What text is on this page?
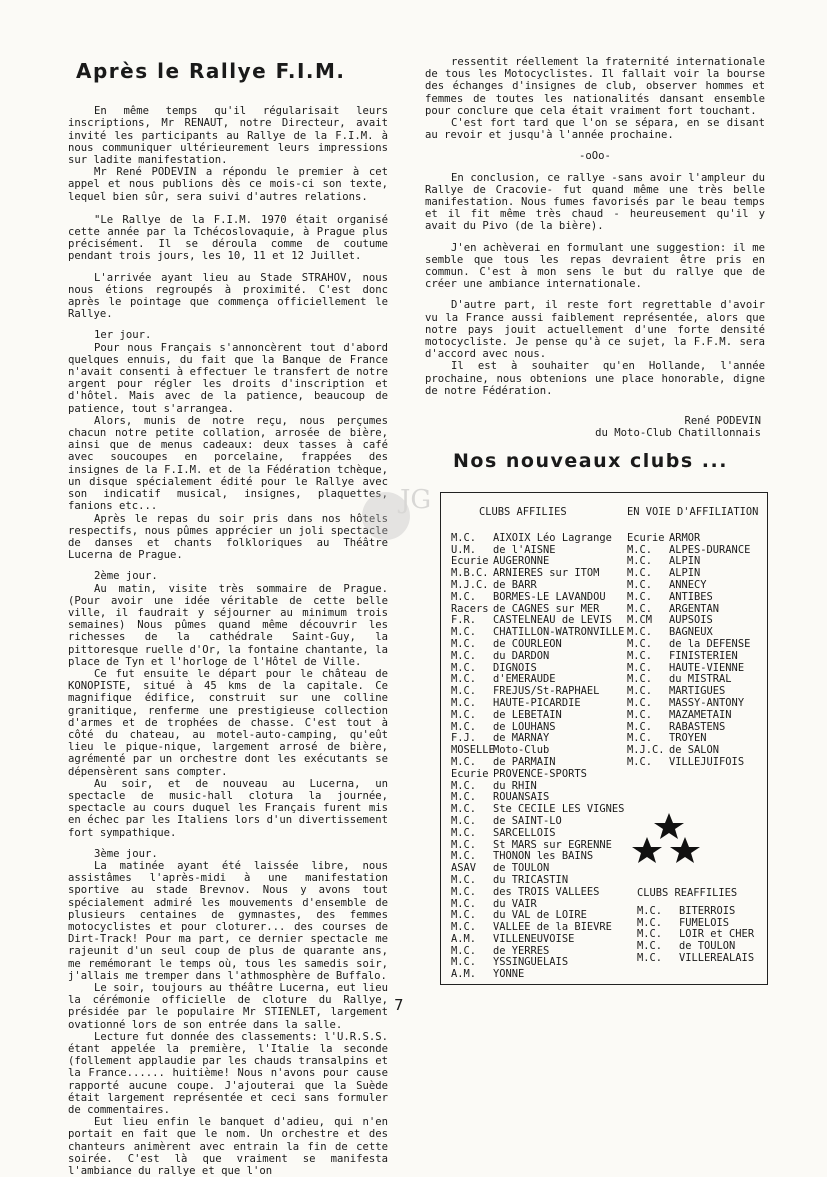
Après le Rallye F.I.M.

En même temps qu'il régularisait leurs inscriptions, Mr RENAUT, notre Directeur, avait invité les participants au Rallye de la F.I.M. à nous communiquer ultérieurement leurs impressions sur ladite manifestation.

Mr René PODEVIN a répondu le premier à cet appel et nous publions dès ce mois-ci son texte, lequel bien sûr, sera suivi d'autres relations.

"Le Rallye de la F.I.M. 1970 était organisé cette année par la Tchécoslovaquie, à Prague plus précisément. Il se déroula comme de coutume pendant trois jours, les 10, 11 et 12 Juillet.

L'arrivée ayant lieu au Stade STRAHOV, nous nous étions regroupés à proximité. C'est donc après le pointage que commença officiellement le Rallye.

1er jour.

Pour nous Français s'annoncèrent tout d'abord quelques ennuis, du fait que la Banque de France n'avait consenti à effectuer le transfert de notre argent pour régler les droits d'inscription et d'hôtel. Mais avec de la patience, beaucoup de patience, tout s'arrangea.

Alors, munis de notre reçu, nous perçumes chacun notre petite collation, arrosée de bière, ainsi que de menus cadeaux: deux tasses à café avec soucoupes en porcelaine, frappées des insignes de la F.I.M. et de la Fédération tchèque, un disque spécialement édité pour le Rallye avec son indicatif musical, insignes, plaquettes, fanions etc...

Après le repas du soir pris dans nos hôtels respectifs, nous pûmes apprécier un joli spectacle de danses et chants folkloriques au Théâtre Lucerna de Prague.

2ème jour.

Au matin, visite très sommaire de Prague. (Pour avoir une idée véritable de cette belle ville, il faudrait y séjourner au minimum trois semaines) Nous pûmes quand même découvrir les richesses de la cathédrale Saint-Guy, la pittoresque ruelle d'Or, la fontaine chantante, la place de Tyn et l'horloge de l'Hôtel de Ville.

Ce fut ensuite le départ pour le château de KONOPISTE, situé à 45 kms de la capitale. Ce magnifique édifice, construit sur une colline granitique, renferme une prestigieuse collection d'armes et de trophées de chasse. C'est tout à côté du chateau, au motel-auto-camping, qu'eût lieu le pique-nique, largement arrosé de bière, agrémenté par un orchestre dont les exécutants se dépensèrent sans compter.

Au soir, et de nouveau au Lucerna, un spectacle de music-hall clotura la journée, spectacle au cours duquel les Français furent mis en échec par les Italiens lors d'un divertissement fort sympathique.

3ème jour.

La matinée ayant été laissée libre, nous assistâmes l'après-midi à une manifestation sportive au stade Brevnov. Nous y avons tout spécialement admiré les mouvements d'ensemble de plusieurs centaines de gymnastes, des femmes motocyclistes et pour cloturer... des courses de Dirt-Track! Pour ma part, ce dernier spectacle me rajeunit d'un seul coup de plus de quarante ans, me remémorant le temps où, tous les samedis soir, j'allais me tremper dans l'athmosphère de Buffalo.

Le soir, toujours au théâtre Lucerna, eut lieu la cérémonie officielle de cloture du Rallye, présidée par le populaire Mr STIENLET, largement ovationné lors de son entrée dans la salle.

Lecture fut donnée des classements: l'U.R.S.S. étant appelée la première, l'Italie la seconde (follement applaudie par les chauds transalpins et la France...... huitième! Nous n'avons pour cause rapporté aucune coupe. J'ajouterai que la Suède était largement représentée et ceci sans formuler de commentaires.

Eut lieu enfin le banquet d'adieu, qui n'en portait en fait que le nom. Un orchestre et des chanteurs animèrent avec entrain la fin de cette soirée. C'est là que vraiment se manifesta l'ambiance du rallye et que l'on

ressentit réellement la fraternité internationale de tous les Motocyclistes. Il fallait voir la bourse des échanges d'insignes de club, observer hommes et femmes de toutes les nationalités dansant ensemble pour conclure que cela était vraiment fort touchant.

C'est fort tard que l'on se sépara, en se disant au revoir et jusqu'à l'année prochaine.

-oOo-

En conclusion, ce rallye -sans avoir l'ampleur du Rallye de Cracovie- fut quand même une très belle manifestation. Nous fumes favorisés par le beau temps et il fit même très chaud - heureusement qu'il y avait du Pivo (de la bière).

J'en achèverai en formulant une suggestion: il me semble que tous les repas devraient être pris en commun. C'est à mon sens le but du rallye que de créer une ambiance internationale.

D'autre part, il reste fort regrettable d'avoir vu la France aussi faiblement représentée, alors que notre pays jouit actuellement d'une forte densité motocycliste. Je pense qu'à ce sujet, la F.F.M. sera d'accord avec nous.

Il est à souhaiter qu'en Hollande, l'année prochaine, nous obtenions une place honorable, digne de notre Fédération.

René PODEVIN

du Moto-Club Chatillonnais

JG
Nos nouveaux clubs ...
CLUBS AFFILIES
M.C. AIXOIX Léo Lagrange
U.M. de l'AISNE
Ecurie AUGERONNE
M.B.C. ARNIERES sur ITOM
M.J.C. de BARR
M.C. BORMES-LE LAVANDOU
Racers de CAGNES sur MER
F.R. CASTELNEAU de LEVIS
M.C. CHATILLON-WATRONVILLE
M.C. de COURLEON
M.C. du DARDON
M.C. DIGNOIS
M.C. d'EMERAUDE
M.C. FREJUS/St-RAPHAEL
M.C. HAUTE-PICARDIE
M.C. de LEBETAIN
M.C. de LOUHANS
F.J. de MARNAY
MOSELLEMoto-Club
M.C. de PARMAIN
Ecurie PROVENCE-SPORTS
M.C. du RHIN
M.C. ROUANSAIS
M.C. Ste CECILE LES VIGNES
M.C. de SAINT-LO
M.C. SARCELLOIS
M.C. St MARS sur EGRENNE
M.C. THONON les BAINS
ASAV de TOULON
M.C. du TRICASTIN
M.C. des TROIS VALLEES
M.C. du VAIR
M.C. du VAL de LOIRE
M.C. VALLEE de la BIEVRE
A.M. VILLENEUVOISE
M.C. de YERRES
M.C. YSSINGUELAIS
A.M. YONNE
EN VOIE D'AFFILIATION
Ecurie ARMOR
M.C. ALPES-DURANCE
M.C. ALPIN
M.C. ALPIN
M.C. ANNECY
M.C. ANTIBES
M.C. ARGENTAN
M.CM AUPSOIS
M.C. BAGNEUX
M.C. de la DEFENSE
M.C. FINISTERIEN
M.C. HAUTE-VIENNE
M.C. du MISTRAL
M.C. MARTIGUES
M.C. MASSY-ANTONY
M.C. MAZAMETAIN
M.C. RABASTENS
M.C. TROYEN
M.J.C. de SALON
M.C. VILLEJUIFOIS
CLUBS REAFFILIES
M.C. BITERROIS
M.C. FUMELOIS
M.C. LOIR et CHER
M.C. de TOULON
M.C. VILLEREALAIS
7
